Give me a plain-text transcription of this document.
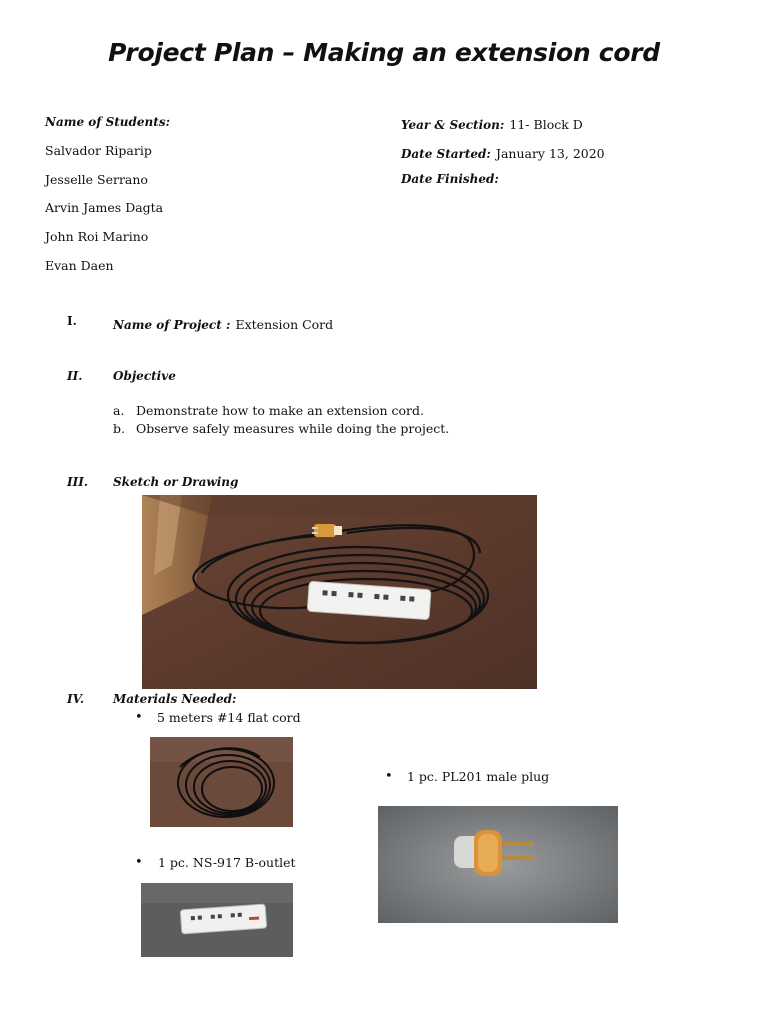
Project Plan – Making an extension cord
Name of Students:
Salvador Riparip
Jesselle Serrano
Arvin James Dagta
John Roi Marino
Evan Daen
Year & Section: 11- Block D
Date Started: January 13, 2020
Date Finished:
I.	Name of Project : Extension Cord
II.	Objective
a. Demonstrate how to make an extension cord.
b. Observe safely measures while doing the project.
III. Sketch or Drawing
IV. Materials Needed:
• 5 meters #14 flat cord
• 1 pc. PL201 male plug
• 1 pc. NS-917 B-outlet
